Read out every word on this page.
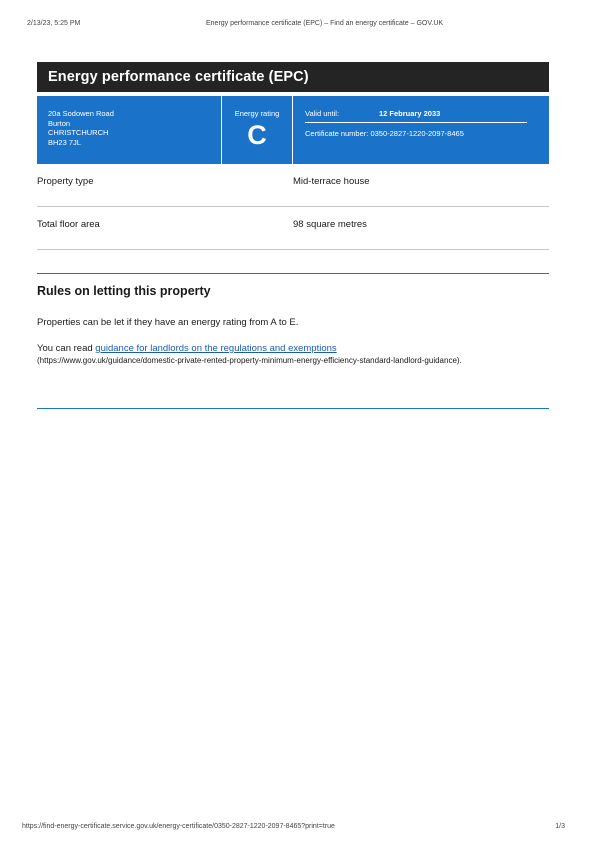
2/13/23, 5:25 PM	Energy performance certificate (EPC) – Find an energy certificate – GOV.UK
Energy performance certificate (EPC)
20a Sodowen Road
Burton
CHRISTCHURCH
BH23 7JL
Energy rating
C
Valid until:	12 February 2033
Certificate number:
0350-2827-1220-2097-8465
Property type	Mid-terrace house
Total floor area	98 square metres
Rules on letting this property
Properties can be let if they have an energy rating from A to E.
You can read guidance for landlords on the regulations and exemptions
(https://www.gov.uk/guidance/domestic-private-rented-property-minimum-energy-efficiency-standard-landlord-guidance).
https://find-energy-certificate.service.gov.uk/energy-certificate/0350-2827-1220-2097-8465?print=true	1/3
